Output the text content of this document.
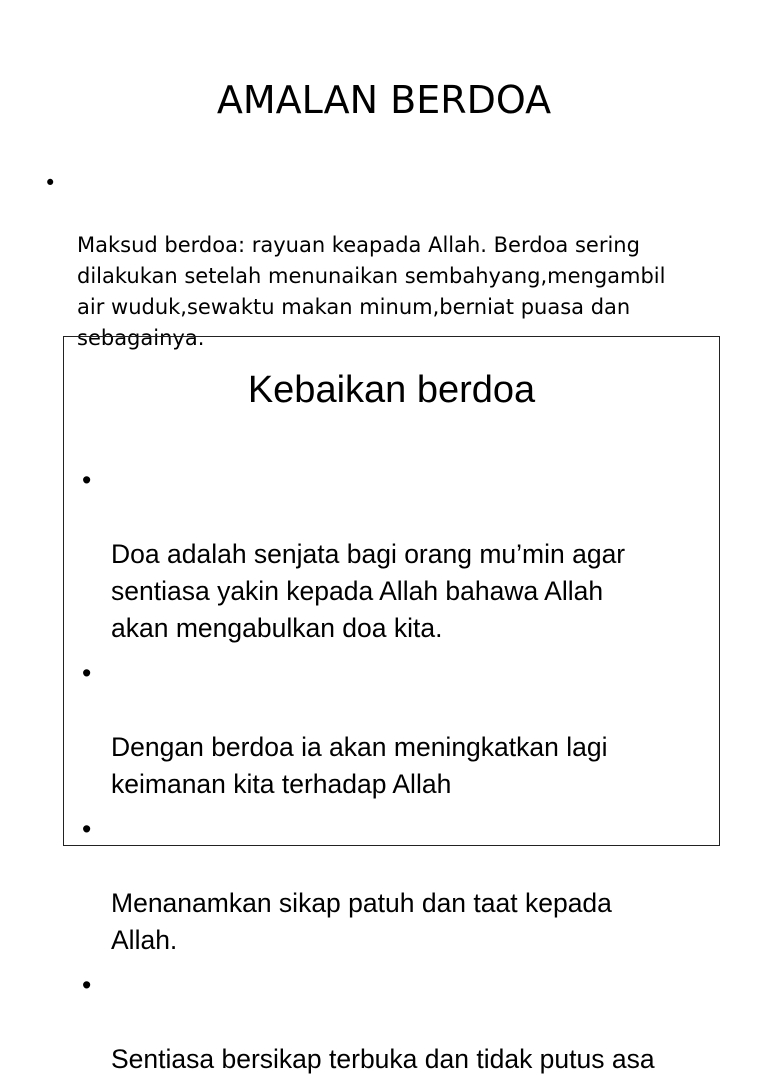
AMALAN BERDOA

•

Maksud berdoa: rayuan keapada Allah. Berdoa sering
dilakukan setelah menunaikan sembahyang,mengambil
air wuduk,sewaktu makan minum,berniat puasa dan
sebagainya.

Kebaikan berdoa

•

Doa adalah senjata bagi orang mu’min agar
sentiasa yakin kepada Allah bahawa Allah
akan mengabulkan doa kita.

•

Dengan berdoa ia akan meningkatkan lagi
keimanan kita terhadap Allah

•

Menanamkan sikap patuh dan taat kepada
Allah.

•

Sentiasa bersikap terbuka dan tidak putus asa
